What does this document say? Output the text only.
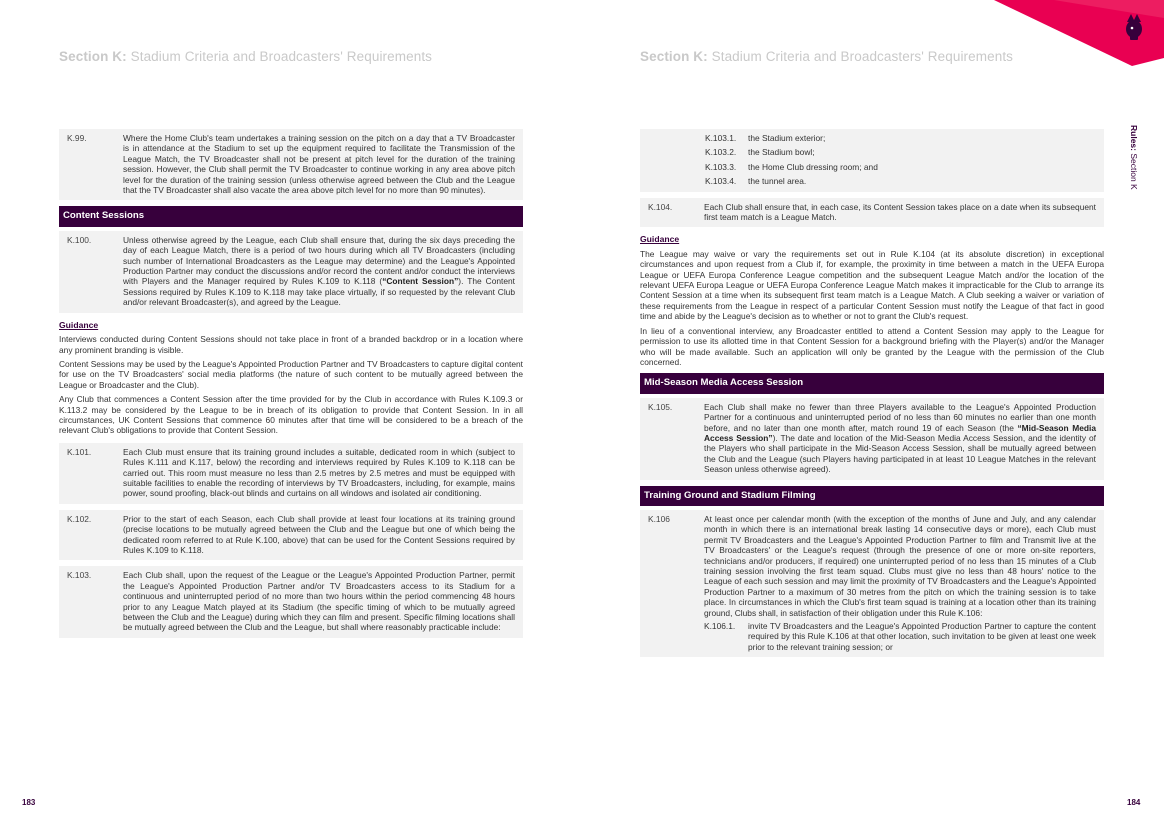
Section K: Stadium Criteria and Broadcasters' Requirements	Section K: Stadium Criteria and Broadcasters' Requirements
Rules: Section K
K.99.	Where the Home Club's team undertakes a training session on the pitch on a day that a TV Broadcaster is in attendance at the Stadium to set up the equipment required to facilitate the Transmission of the League Match, the TV Broadcaster shall not be present at pitch level for the duration of the training session. However, the Club shall permit the TV Broadcaster to continue working in any area above pitch level for the duration of the training session (unless otherwise agreed between the Club and the League that the TV Broadcaster shall also vacate the area above pitch level for no more than 90 minutes).
Content Sessions
K.100.	Unless otherwise agreed by the League, each Club shall ensure that, during the six days preceding the day of each League Match, there is a period of two hours during which all TV Broadcasters (including such number of International Broadcasters as the League may determine) and the League's Appointed Production Partner may conduct the discussions and/or record the content and/or conduct the interviews with Players and the Manager required by Rules K.109 to K.118 (“Content Session”). The Content Sessions required by Rules K.109 to K.118 may take place virtually, if so requested by the relevant Club and/or relevant Broadcaster(s), and agreed by the League.
Guidance
Interviews conducted during Content Sessions should not take place in front of a branded backdrop or in a location where any prominent branding is visible.
Content Sessions may be used by the League's Appointed Production Partner and TV Broadcasters to capture digital content for use on the TV Broadcasters' social media platforms (the nature of such content to be mutually agreed between the League or Broadcaster and the Club).
Any Club that commences a Content Session after the time provided for by the Club in accordance with Rules K.109.3 or K.113.2 may be considered by the League to be in breach of its obligation to provide that Content Session. In in all circumstances, UK Content Sessions that commence 60 minutes after that time will be considered to be a breach of the relevant Club's obligations to provide that Content Session.
K.101.	Each Club must ensure that its training ground includes a suitable, dedicated room in which (subject to Rules K.111 and K.117, below) the recording and interviews required by Rules K.109 to K.118 can be carried out. This room must measure no less than 2.5 metres by 2.5 metres and must be equipped with suitable facilities to enable the recording of interviews by TV Broadcasters, including, for example, mains power, sound proofing, black-out blinds and curtains on all windows and isolated air conditioning.
K.102.	Prior to the start of each Season, each Club shall provide at least four locations at its training ground (precise locations to be mutually agreed between the Club and the League but one of which being the dedicated room referred to at Rule K.100, above) that can be used for the Content Sessions required by Rules K.109 to K.118.
K.103.	Each Club shall, upon the request of the League or the League's Appointed Production Partner, permit the League's Appointed Production Partner and/or TV Broadcasters access to its Stadium for a continuous and uninterrupted period of no more than two hours within the period commencing 48 hours prior to any League Match played at its Stadium (the specific timing of which to be mutually agreed between the Club and the League) during which they can film and present. Specific filming locations shall be mutually agreed between the Club and the League, but shall where reasonably practicable include:
K.103.1.	the Stadium exterior;
K.103.2.	the Stadium bowl;
K.103.3.	the Home Club dressing room; and
K.103.4.	the tunnel area.
K.104.	Each Club shall ensure that, in each case, its Content Session takes place on a date when its subsequent first team match is a League Match.
Guidance
The League may waive or vary the requirements set out in Rule K.104 (at its absolute discretion) in exceptional circumstances and upon request from a Club if, for example, the proximity in time between a match in the UEFA Europa League or UEFA Europa Conference League competition and the subsequent League Match and/or the location of the relevant UEFA Europa League or UEFA Europa Conference League Match makes it impracticable for the Club to arrange its Content Session at a time when its subsequent first team match is a League Match. A Club seeking a waiver or variation of these requirements from the League in respect of a particular Content Session must notify the League of that fact in good time and abide by the League's decision as to whether or not to grant the Club's request.
In lieu of a conventional interview, any Broadcaster entitled to attend a Content Session may apply to the League for permission to use its allotted time in that Content Session for a background briefing with the Player(s) and/or the Manager who will be made available. Such an application will only be granted by the League with the permission of the Club concerned.
Mid-Season Media Access Session
K.105.	Each Club shall make no fewer than three Players available to the League's Appointed Production Partner for a continuous and uninterrupted period of no less than 60 minutes no earlier than one month before, and no later than one month after, match round 19 of each Season (the “Mid-Season Media Access Session”). The date and location of the Mid-Season Media Access Session, and the identity of the Players who shall participate in the Mid-Season Access Session, shall be mutually agreed between the Club and the League (such Players having participated in at least 10 League Matches in the relevant Season unless otherwise agreed).
Training Ground and Stadium Filming
K.106	At least once per calendar month (with the exception of the months of June and July, and any calendar month in which there is an international break lasting 14 consecutive days or more), each Club must permit TV Broadcasters and the League's Appointed Production Partner to film and Transmit live at the TV Broadcasters' or the League's request (through the presence of one or more on-site reporters, technicians and/or producers, if required) one uninterrupted period of no less than 15 minutes of a Club training session involving the first team squad. Clubs must give no less than 48 hours' notice to the League of each such session and may limit the proximity of TV Broadcasters and the League's Appointed Production Partner to a maximum of 30 metres from the pitch on which the training session is to take place. In circumstances in which the Club's first team squad is training at a location other than its training ground, Clubs shall, in satisfaction of their obligation under this Rule K.106:
K.106.1.	invite TV Broadcasters and the League's Appointed Production Partner to capture the content required by this Rule K.106 at that other location, such invitation to be given at least one week prior to the relevant training session; or
183	184
